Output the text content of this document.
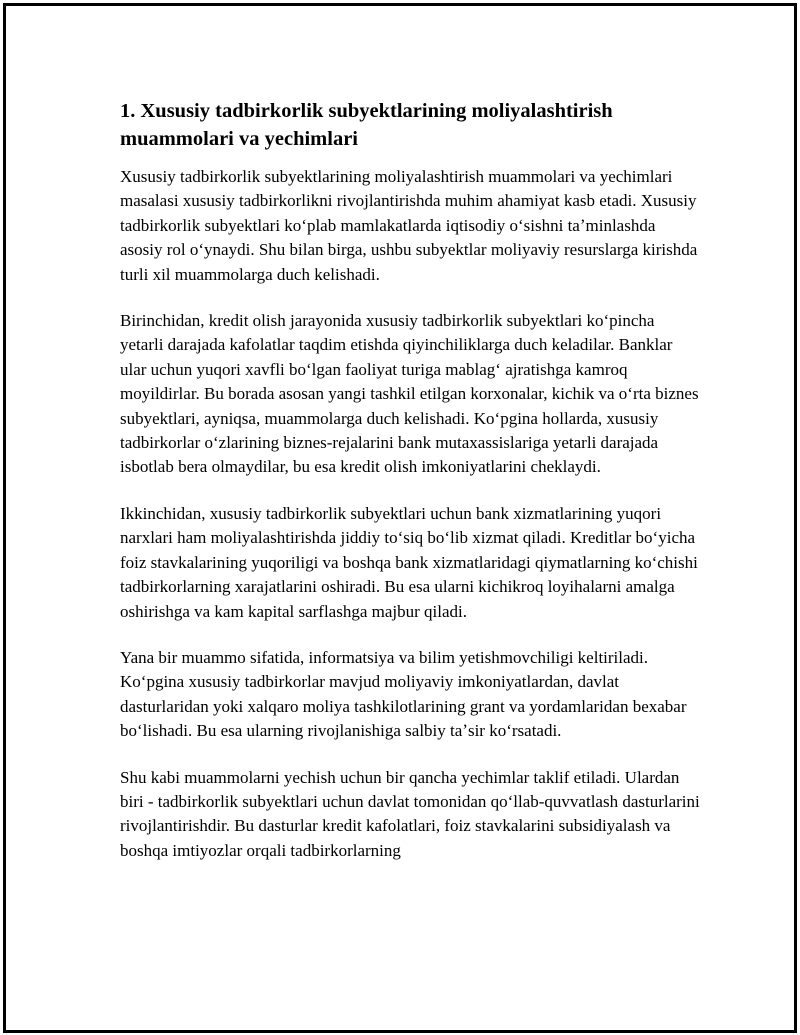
1. Xususiy tadbirkorlik subyektlarining moliyalashtirish muammolari va yechimlari

Xususiy tadbirkorlik subyektlarining moliyalashtirish muammolari va yechimlari masalasi xususiy tadbirkorlikni rivojlantirishda muhim ahamiyat kasb etadi. Xususiy tadbirkorlik subyektlari koʻplab mamlakatlarda iqtisodiy oʻsishni taʼminlashda asosiy rol oʻynaydi. Shu bilan birga, ushbu subyektlar moliyaviy resurslarga kirishda turli xil muammolarga duch kelishadi.

Birinchidan, kredit olish jarayonida xususiy tadbirkorlik subyektlari koʻpincha yetarli darajada kafolatlar taqdim etishda qiyinchiliklarga duch keladilar. Banklar ular uchun yuqori xavfli boʻlgan faoliyat turiga mablagʻ ajratishga kamroq moyildirlar. Bu borada asosan yangi tashkil etilgan korxonalar, kichik va oʻrta biznes subyektlari, ayniqsa, muammolarga duch kelishadi. Koʻpgina hollarda, xususiy tadbirkorlar oʻzlarining biznes-rejalarini bank mutaxassislariga yetarli darajada isbotlab bera olmaydilar, bu esa kredit olish imkoniyatlarini cheklaydi.

Ikkinchidan, xususiy tadbirkorlik subyektlari uchun bank xizmatlarining yuqori narxlari ham moliyalashtirishda jiddiy toʻsiq boʻlib xizmat qiladi. Kreditlar boʻyicha foiz stavkalarining yuqoriligi va boshqa bank xizmatlaridagi qiymatlarning koʻchishi tadbirkorlarning xarajatlarini oshiradi. Bu esa ularni kichikroq loyihalarni amalga oshirishga va kam kapital sarflashga majbur qiladi.

Yana bir muammo sifatida, informatsiya va bilim yetishmovchiligi keltiriladi. Koʻpgina xususiy tadbirkorlar mavjud moliyaviy imkoniyatlardan, davlat dasturlaridan yoki xalqaro moliya tashkilotlarining grant va yordamlaridan bexabar boʻlishadi. Bu esa ularning rivojlanishiga salbiy taʼsir koʻrsatadi.

Shu kabi muammolarni yechish uchun bir qancha yechimlar taklif etiladi. Ulardan biri - tadbirkorlik subyektlari uchun davlat tomonidan qoʻllab-quvvatlash dasturlarini rivojlantirishdir. Bu dasturlar kredit kafolatlari, foiz stavkalarini subsidiyalash va boshqa imtiyozlar orqali tadbirkorlarning
